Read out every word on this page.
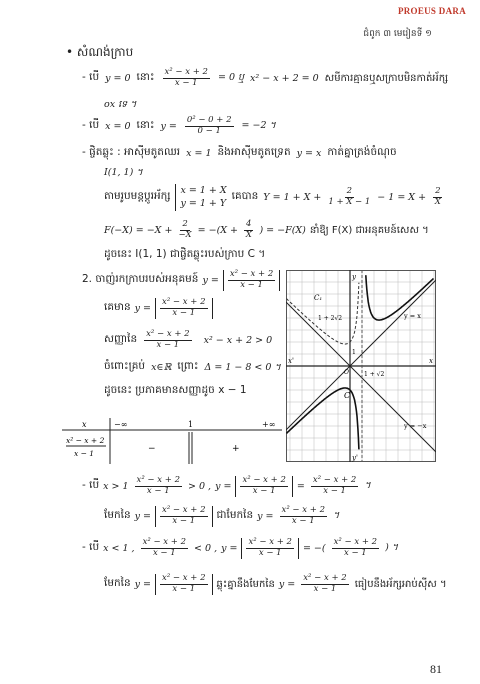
PROEUS DARA
ជំពូក ៣ មេរៀនទី ១
• សំណង់ក្រាប
- បើ y = 0 នោះ $\frac{\text{x² − x + 2}}{x - 1} = 0$ ឬ x² − x + 2 = 0 សមីការគ្មានឬសក្រាបមិនកាត់អ័ក្ស
ox ទេ ។
- បើ x = 0 នោះ $y = \frac{\text{0² − 0 + 2}}{0 - 1} = -2$ ។
- ផ្ចិតឆ្លុះ : អាស៊ីមតូតឈរ x = 1 និងអាស៊ីមតូតទ្រេត y = x កាត់គ្នាត្រង់ចំណុច
I(1, 1) ។
តាមរូបមន្តប្តូរអ័ក្ស x = 1 + X
y = 1 + Y
គេបាន $Y = 1 + X + \frac{2}{1 + X - 1} - 1 = X + \frac{2}{X}$
$F(-X) = -X + \frac{2}{-X} = -(X + \frac{4}{X}$ ) = −F(X) នាំឱ្យ F(X) ជាអនុគមន៍សេស ។
ដូចនេះ I(1, 1) ជាផ្ចិតឆ្លុះរបស់ក្រាប C ។
2. ចាញ់រកក្រាបរបស់អនុគមន៍ $y = \frac{\text{x² − x + 2}}{x - 1}$
គេមាន $y = \frac{\text{x² − x + 2}}{x - 1}$
សញ្ញានៃ $\frac{\text{x² − x + 2}}{x - 1} x^2 - x + 2 > 0$
ចំពោះគ្រប់ x∈ℝ ព្រោះ Δ = 1 − 8 < 0 ។
ដូចនេះ ប្រភាគមានសញ្ញាដូច x − 1
y
x'	x
y'
C₁
C
y = x
y = −x
1 + 2√2
1 + √2
1
O
x	−∞	1	+∞
x² − x + 2
x − 1	−	+
- បើ $x > 1 \frac{\text{x² − x + 2}}{x - 1} > 0$ , $y = \frac{\text{x² − x + 2}}{x - 1} = \frac{\text{x² − x + 2}}{x - 1}$ ។
មែកនៃ $y = \frac{\text{x² − x + 2}}{x - 1}$ ជាមែកនៃ $y = \frac{\text{x² − x + 2}}{x - 1}$ ។
- បើ x < 1 , $\frac{\text{x² − x + 2}}{x - 1} < 0$ , $y = \frac{\text{x² − x + 2}}{x - 1}$ = −( $\frac{\text{x² − x + 2}}{x - 1}$ ) ។
មែកនៃ $y = \frac{\text{x² − x + 2}}{x - 1}$ ឆ្លុះគ្នានឹងមែកនៃ $y = \frac{\text{x² − x + 2}}{x - 1}$ ធៀបនឹងអ័ក្សអាប់ស៊ីស ។
81
